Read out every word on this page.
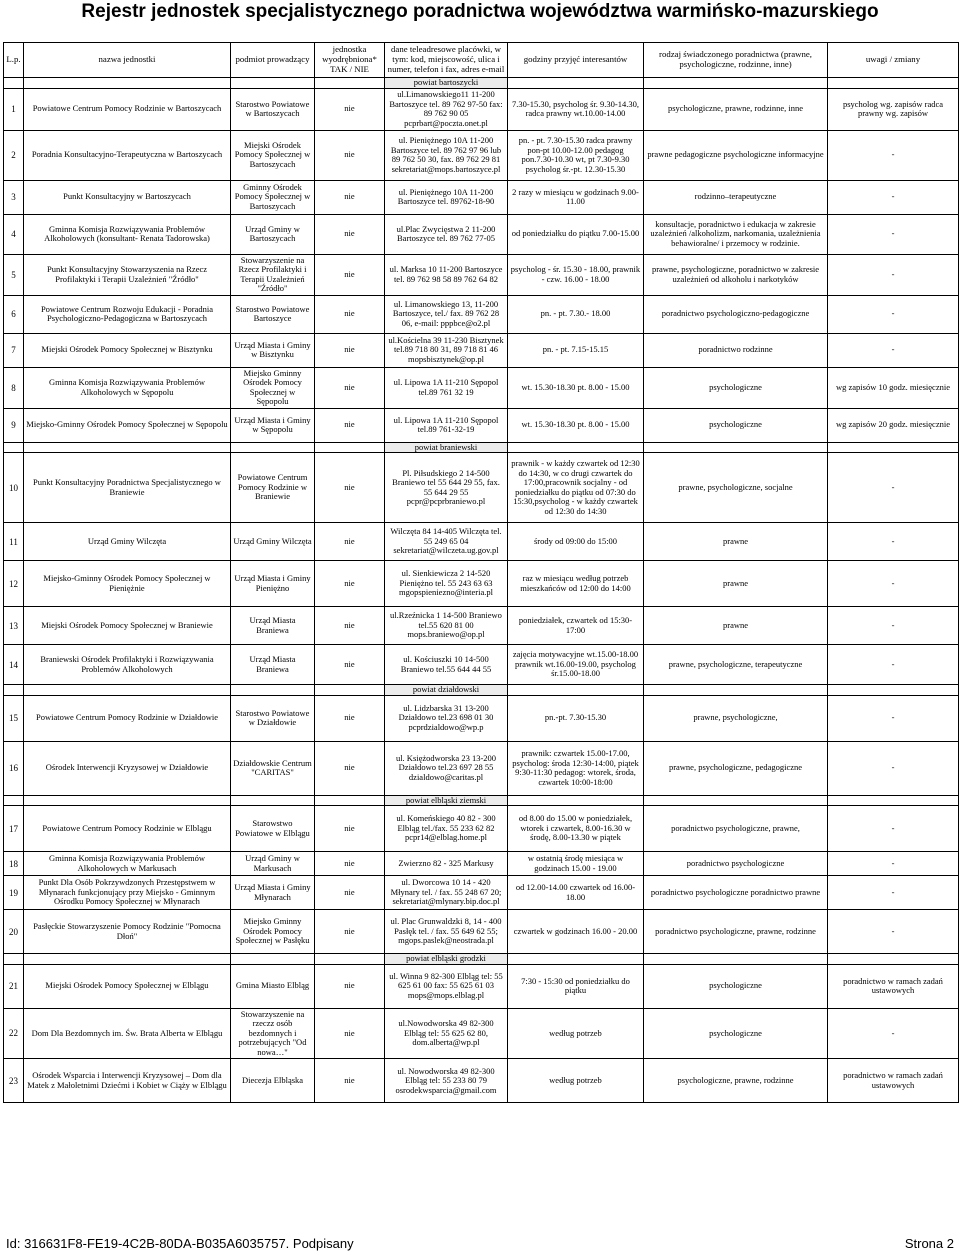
Rejestr jednostek specjalistycznego poradnictwa województwa warmińsko-mazurskiego
L.p.	nazwa jednostki	podmiot prowadzący	jednostka wyodrębniona* TAK / NIE	dane teleadresowe placówki, w tym: kod, miejscowość, ulica i numer, telefon i fax, adres e-mail	godziny przyjęć interesantów	rodzaj świadczonego poradnictwa (prawne, psychologiczne, rodzinne, inne)	uwagi / zmiany
				powiat bartoszycki			
1	Powiatowe Centrum Pomocy Rodzinie w Bartoszycach	Starostwo Powiatowe w Bartoszycach	nie	ul.Limanowskiego11 11-200 Bartoszyce tel. 89 762 97-50 fax: 89 762 90 05 pcprbart@poczta.onet.pl	7.30-15.30, psycholog śr. 9.30-14.30, radca prawny wt.10.00-14.00	psychologiczne, prawne, rodzinne, inne	psycholog wg. zapisów radca prawny wg. zapisów
2	Poradnia Konsultacyjno-Terapeutyczna w Bartoszycach	Miejski Ośrodek Pomocy Społecznej w Bartoszycach	nie	ul. Pieniężnego 10A 11-200 Bartoszyce tel. 89 762 97 96 lub 89 762 50 30, fax. 89 762 29 81 sekretariat@mops.bartoszyce.pl	pn. - pt. 7.30-15.30 radca prawny pon-pt 10.00-12.00 pedagog pon.7.30-10.30 wt, pt 7.30-9.30 psycholog śr.-pt. 12.30-15.30	prawne pedagogiczne psychologiczne informacyjne	-
3	Punkt Konsultacyjny w Bartoszycach	Gminny Ośrodek Pomocy Społecznej w Bartoszycach	nie	ul. Pieniężnego 10A 11-200 Bartoszyce tel. 89762-18-90	2 razy w miesiącu w godzinach 9.00-11.00	rodzinno–terapeutyczne	-
4	Gminna Komisja Rozwiązywania Problemów Alkoholowych (konsultant- Renata Tadorowska)	Urząd Gminy w Bartoszycach	nie	ul.Plac Zwycięstwa 2 11-200 Bartoszyce tel. 89 762 77-05	od poniedziałku do piątku 7.00-15.00	konsultacje, poradnictwo i edukacja w zakresie uzależnień /alkoholizm, narkomania, uzależnienia behawioralne/ i przemocy w rodzinie.	-
5	Punkt Konsultacyjny Stowarzyszenia na Rzecz Profilaktyki i Terapii Uzależnień "Źródło"	Stowarzyszenie na Rzecz Profilaktyki i Terapii Uzależnień "Źródło"	nie	ul. Marksa 10 11-200 Bartoszyce tel. 89 762 98 58 89 762 64 82	psycholog - śr. 15.30 - 18.00, prawnik - czw. 16.00 - 18.00	prawne, psychologiczne, poradnictwo w zakresie uzależnień od alkoholu i narkotyków	-
6	Powiatowe Centrum Rozwoju Edukacji - Poradnia Psychologiczno-Pedagogiczna w Bartoszycach	Starostwo Powiatowe Bartoszyce	nie	ul. Limanowskiego 13, 11-200 Bartoszyce, tel./ fax. 89 762 28 06, e-mail: pppbce@o2.pl	pn. - pt. 7.30.- 18.00	poradnictwo psychologiczno-pedagogiczne	-
7	Miejski Ośrodek Pomocy Społecznej w Bisztynku	Urząd Miasta i Gminy w Bisztynku	nie	ul.Kościelna 39 11-230 Bisztynek tel.89 718 80 31, 89 718 81 46 mopsbisztynek@op.pl	pn. - pt. 7.15-15.15	poradnictwo rodzinne	-
8	Gminna Komisja Rozwiązywania Problemów Alkoholowych w Sępopolu	Miejsko Gminny Ośrodek Pomocy Społecznej w Sępopolu	nie	ul. Lipowa 1A 11-210 Sępopol tel.89 761 32 19	wt. 15.30-18.30 pt. 8.00 - 15.00	psychologiczne	wg zapisów 10 godz. miesięcznie
9	Miejsko-Gminny Ośrodek Pomocy Społecznej w Sępopolu	Urząd Miasta i Gminy w Sępopolu	nie	ul. Lipowa 1A 11-210 Sępopol tel.89 761-32-19	wt. 15.30-18.30 pt. 8.00 - 15.00	psychologiczne	wg zapisów 20 godz. miesięcznie
				powiat braniewski			
10	Punkt Konsultacyjny Poradnictwa Specjalistycznego w Braniewie	Powiatowe Centrum Pomocy Rodzinie w Braniewie	nie	Pl. Piłsudskiego 2 14-500 Braniewo tel 55 644 29 55, fax. 55 644 29 55 pcpr@pcprbraniewo.pl	prawnik - w każdy czwartek od 12:30 do 14:30, w co drugi czwartek do 17:00,pracownik socjalny - od poniedziałku do piątku od 07:30 do 15:30,psycholog - w każdy czwartek od 12:30 do 14:30	prawne, psychologiczne, socjalne	-
11	Urząd Gminy Wilczęta	Urząd Gminy Wilczęta	nie	Wilczęta 84 14-405 Wilczęta tel. 55 249 65 04 sekretariat@wilczeta.ug.gov.pl	środy od 09:00 do 15:00	prawne	-
12	Miejsko-Gminny Ośrodek Pomocy Społecznej w Pieniężnie	Urząd Miasta i Gminy Pieniężno	nie	ul. Sienkiewicza 2 14-520 Pieniężno tel. 55 243 63 63 mgopspieniezno@interia.pl	raz w miesiącu według potrzeb mieszkańców od 12:00 do 14:00	prawne	-
13	Miejski Ośrodek Pomocy Społecznej w Braniewie	Urząd Miasta Braniewa	nie	ul.Rzeźnicka 1 14-500 Braniewo tel.55 620 81 00 mops.braniewo@op.pl	poniedziałek, czwartek od 15:30- 17:00	prawne	-
14	Braniewski Ośrodek Profilaktyki i Rozwiązywania Problemów Alkoholowych	Urząd Miasta Braniewa	nie	ul. Kościuszki 10 14-500 Braniewo tel.55 644 44 55	zajęcia motywacyjne wt.15.00-18.00 prawnik wt.16.00-19.00, psycholog śr.15.00-18.00	prawne, psychologiczne, terapeutyczne	-
				powiat działdowski			
15	Powiatowe Centrum Pomocy Rodzinie w Działdowie	Starostwo Powiatowe w Działdowie	nie	ul. Lidzbarska 31 13-200 Działdowo tel.23 698 01 30 pcprdzialdowo@wp.p	pn.-pt. 7.30-15.30	prawne, psychologiczne,	-
16	Ośrodek Interwencji Kryzysowej w Działdowie	Działdowskie Centrum "CARITAS"	nie	ul. Księżodworska 23 13-200 Działdowo tel.23 697 28 55 dzialdowo@caritas.pl	prawnik: czwartek 15.00-17.00, psycholog: środa 12:30-14:00, piątek 9:30-11:30 pedagog: wtorek, środa, czwartek 10:00-18:00	prawne, psychologiczne, pedagogiczne	-
				powiat elbląski ziemski			
17	Powiatowe Centrum Pomocy Rodzinie w Elblągu	Starowstwo Powiatowe w Elblągu	nie	ul. Komeńskiego 40 82 - 300 Elbląg tel./fax. 55 233 62 82 pcpr14@elblag.home.pl	od 8.00 do 15.00 w poniedziałek, wtorek i czwartek, 8.00-16.30 w środę, 8.00-13.30 w piątek	poradnictwo psychologiczne, prawne,	-
18	Gminna Komisja Rozwiązywania Problemów Alkoholowych w Markusach	Urząd Gminy w Markusach	nie	Zwierzno 82 - 325 Markusy	w ostatnią środę miesiąca w godzinach 15.00 - 19.00	poradnictwo psychologiczne	-
19	Punkt Dla Osób Pokrzywdzonych Przestępstwem w Młynarach funkcjonujący przy Miejsko - Gminnym Ośrodku Pomocy Społecznej w Młynarach	Urząd Miasta i Gminy Młynarach	nie	ul. Dworcowa 10 14 - 420 Młynary tel. / fax. 55 248 67 20; sekretariat@mlynary.bip.doc.pl	od 12.00-14.00 czwartek od 16.00-18.00	poradnictwo psychologiczne poradnictwo prawne	-
20	Pasłęckie Stowarzyszenie Pomocy Rodzinie "Pomocna Dłoń"	Miejsko Gminny Ośrodek Pomocy Społecznej w Pasłęku	nie	ul. Plac Grunwaldzki 8, 14 - 400 Pasłęk tel. / fax. 55 649 62 55; mgops.paslek@neostrada.pl	czwartek w godzinach 16.00 - 20.00	poradnictwo psychologiczne, prawne, rodzinne	-
				powiat elbląski grodzki			
21	Miejski Ośrodek Pomocy Społecznej w Elblągu	Gmina Miasto Elbląg	nie	ul. Winna 9 82-300 Elbląg tel: 55 625 61 00 fax: 55 625 61 03 mops@mops.elblag.pl	7:30 - 15:30 od poniedziałku do piątku	psychologiczne	poradnictwo w ramach zadań ustawowych
22	Dom Dla Bezdomnych im. Św. Brata Alberta w Elblągu	Stowarzyszenie na rzeczz osób bezdomnych i potrzebujących "Od nowa…"	nie	ul.Nowodworska 49 82-300 Elbląg tel: 55 625 62 80, dom.alberta@wp.pl	według potrzeb	psychologiczne	-
23	Ośrodek Wsparcia i Interwencji Kryzysowej – Dom dla Matek z Małoletnimi Dziećmi i Kobiet w Ciąży w Elblągu	Diecezja Elbląska	nie	ul. Nowodworska 49 82-300 Elbląg tel: 55 233 80 79 osrodekwsparcia@gmail.com	według potrzeb	psychologiczne, prawne, rodzinne	poradnictwo w ramach zadań ustawowych
Id: 316631F8-FE19-4C2B-80DA-B035A6035757. Podpisany	Strona 2
